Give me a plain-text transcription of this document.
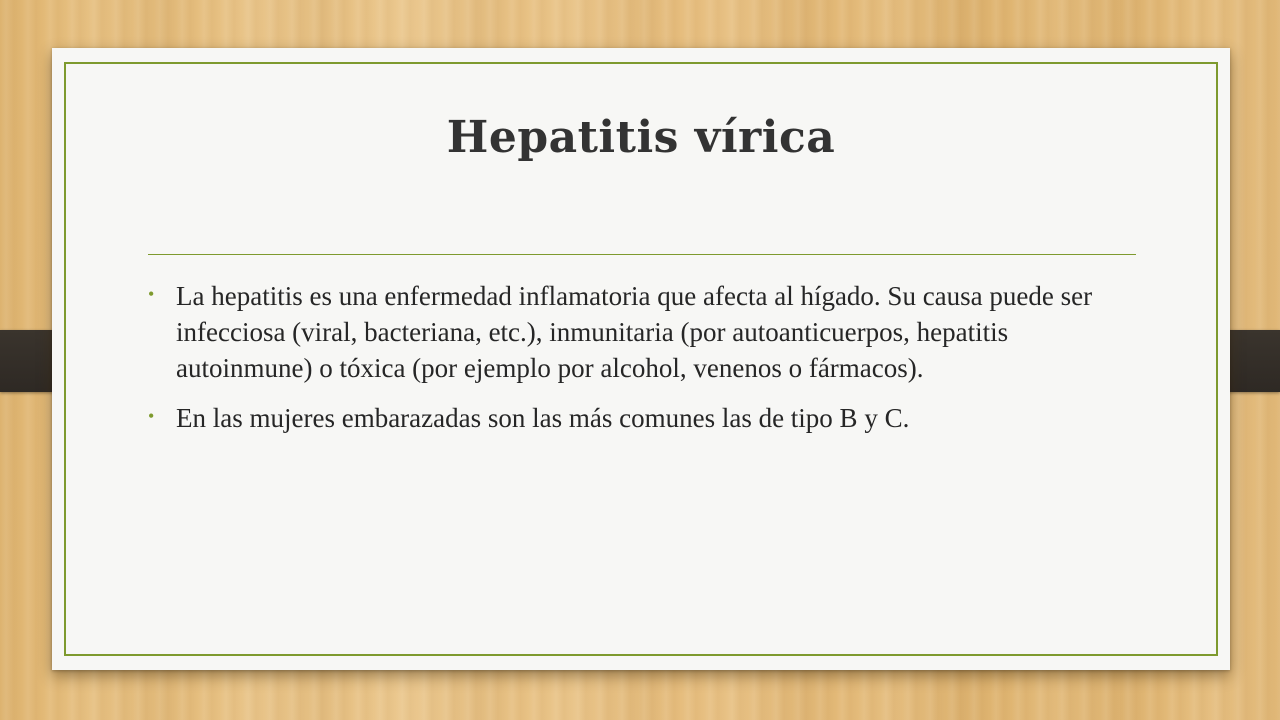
Hepatitis vírica
• La hepatitis es una enfermedad inflamatoria que afecta al hígado. Su causa puede ser infecciosa (viral, bacteriana, etc.), inmunitaria (por autoanticuerpos, hepatitis autoinmune) o tóxica (por ejemplo por alcohol, venenos o fármacos).
• En las mujeres embarazadas son las más comunes las de tipo B y C.
